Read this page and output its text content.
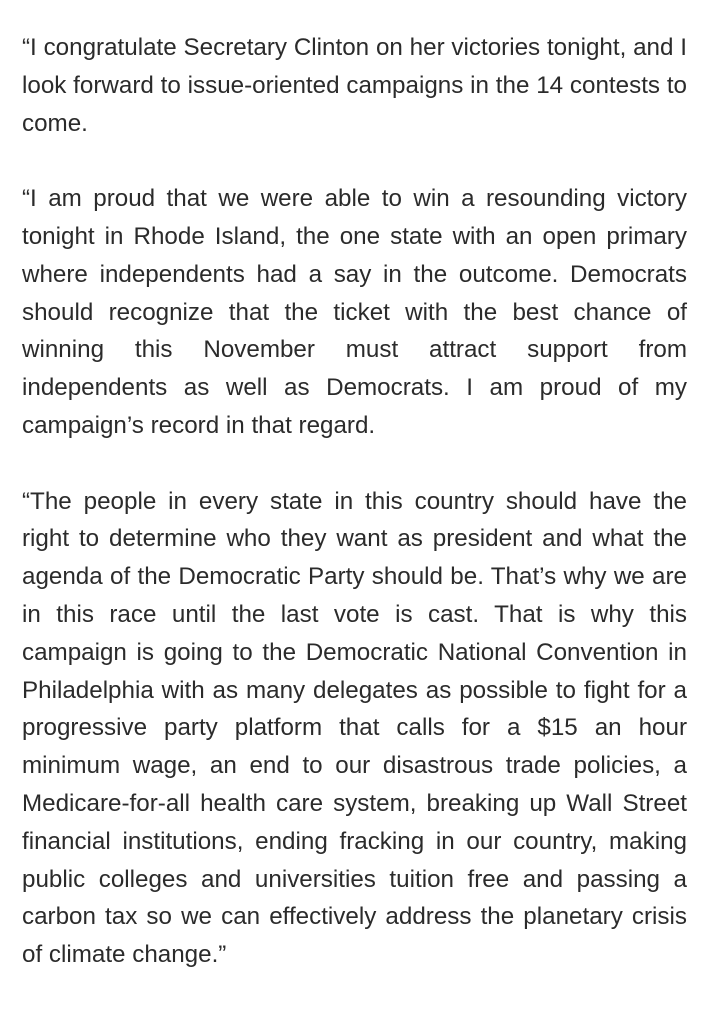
“I congratulate Secretary Clinton on her victories tonight, and I look forward to issue-oriented campaigns in the 14 contests to come.

“I am proud that we were able to win a resounding victory tonight in Rhode Island, the one state with an open primary where independents had a say in the outcome. Democrats should recognize that the ticket with the best chance of winning this November must attract support from independents as well as Democrats. I am proud of my campaign’s record in that regard.

“The people in every state in this country should have the right to determine who they want as president and what the agenda of the Democratic Party should be. That’s why we are in this race until the last vote is cast. That is why this campaign is going to the Democratic National Convention in Philadelphia with as many delegates as possible to fight for a progressive party platform that calls for a $15 an hour minimum wage, an end to our disastrous trade policies, a Medicare-for-all health care system, breaking up Wall Street financial institutions, ending fracking in our country, making public colleges and universities tuition free and passing a carbon tax so we can effectively address the planetary crisis of climate change.”
